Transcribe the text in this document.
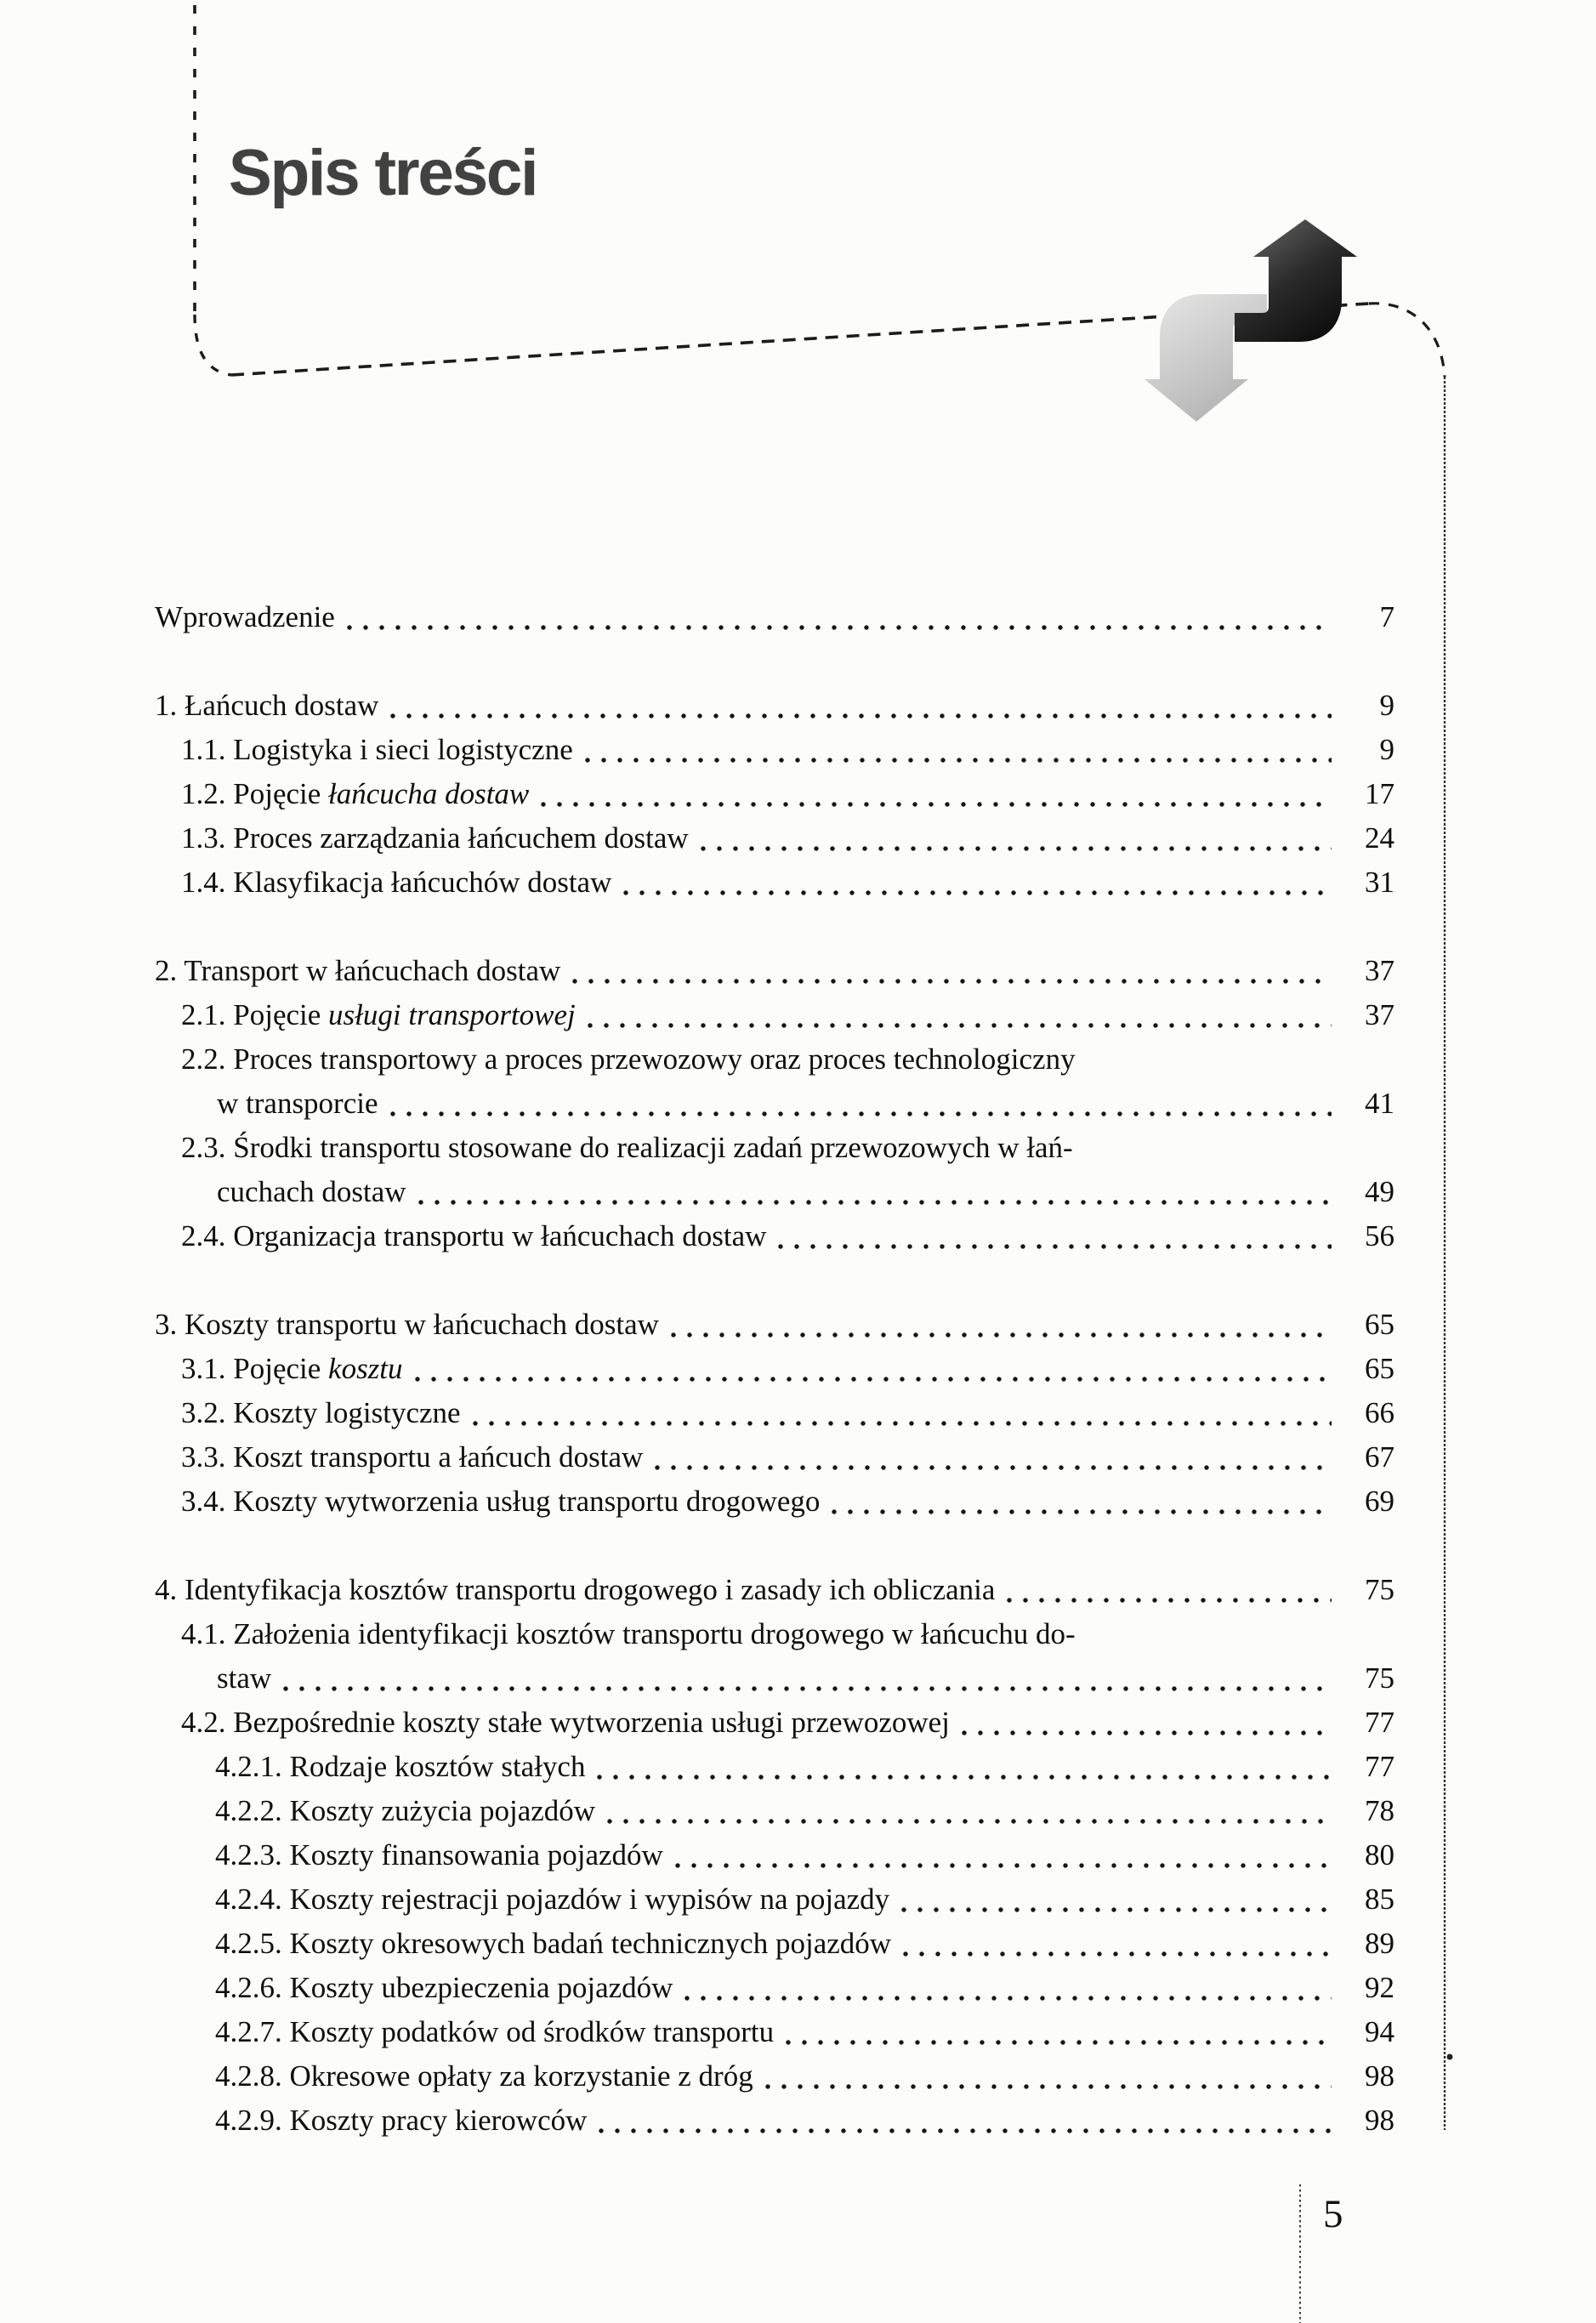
Spis treści
Wprowadzenie	7
1. Łańcuch dostaw	9
1.1. Logistyka i sieci logistyczne	9
1.2. Pojęcie łańcucha dostaw	17
1.3. Proces zarządzania łańcuchem dostaw	24
1.4. Klasyfikacja łańcuchów dostaw	31
2. Transport w łańcuchach dostaw	37
2.1. Pojęcie usługi transportowej	37
2.2. Proces transportowy a proces przewozowy oraz proces technologiczny
w transporcie	41
2.3. Środki transportu stosowane do realizacji zadań przewozowych w łań-
cuchach dostaw	49
2.4. Organizacja transportu w łańcuchach dostaw	56
3. Koszty transportu w łańcuchach dostaw	65
3.1. Pojęcie kosztu	65
3.2. Koszty logistyczne	66
3.3. Koszt transportu a łańcuch dostaw	67
3.4. Koszty wytworzenia usług transportu drogowego	69
4. Identyfikacja kosztów transportu drogowego i zasady ich obliczania	75
4.1. Założenia identyfikacji kosztów transportu drogowego w łańcuchu do-
staw	75
4.2. Bezpośrednie koszty stałe wytworzenia usługi przewozowej	77
4.2.1. Rodzaje kosztów stałych	77
4.2.2. Koszty zużycia pojazdów	78
4.2.3. Koszty finansowania pojazdów	80
4.2.4. Koszty rejestracji pojazdów i wypisów na pojazdy	85
4.2.5. Koszty okresowych badań technicznych pojazdów	89
4.2.6. Koszty ubezpieczenia pojazdów	92
4.2.7. Koszty podatków od środków transportu	94
4.2.8. Okresowe opłaty za korzystanie z dróg	98
4.2.9. Koszty pracy kierowców	98
5
